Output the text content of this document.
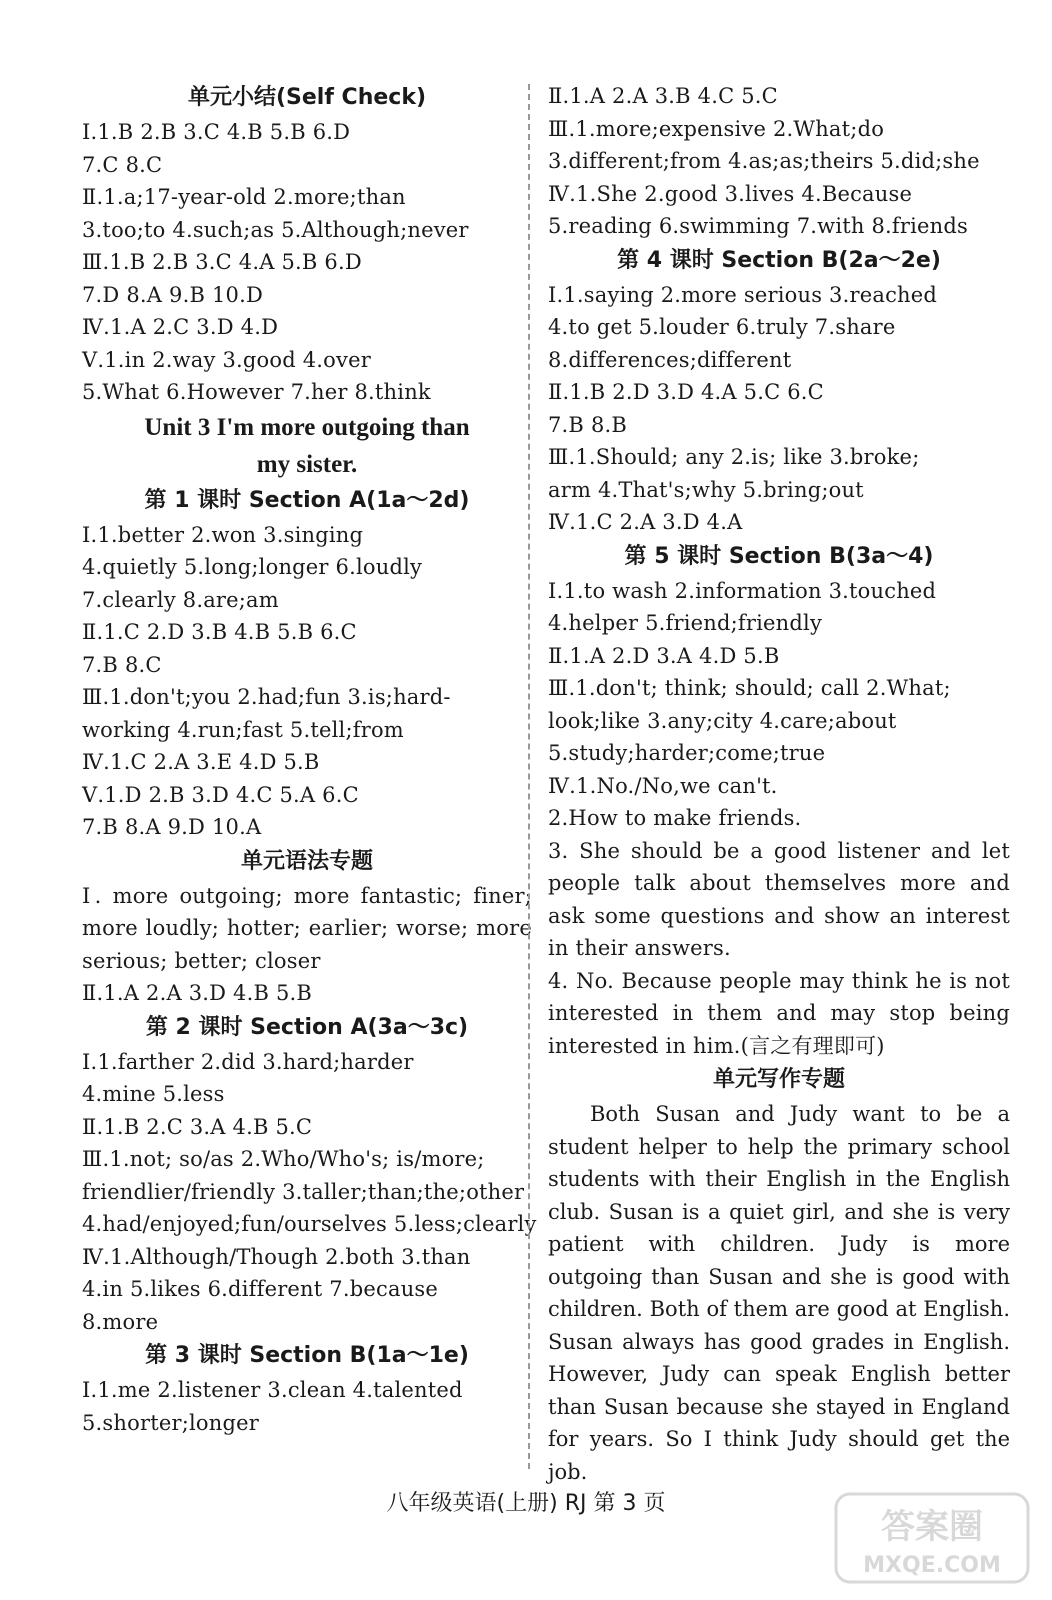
单元小结(Self Check)
Ⅰ.1.B 2.B 3.C 4.B 5.B 6.D
7.C 8.C
Ⅱ.1.a;17-year-old 2.more;than
3.too;to 4.such;as 5.Although;never
Ⅲ.1.B 2.B 3.C 4.A 5.B 6.D
7.D 8.A 9.B 10.D
Ⅳ.1.A 2.C 3.D 4.D
Ⅴ.1.in 2.way 3.good 4.over
5.What 6.However 7.her 8.think
Unit 3 I'm more outgoing than
my sister.
第 1 课时 Section A(1a～2d)
Ⅰ.1.better 2.won 3.singing
4.quietly 5.long;longer 6.loudly
7.clearly 8.are;am
Ⅱ.1.C 2.D 3.B 4.B 5.B 6.C
7.B 8.C
Ⅲ.1.don't;you 2.had;fun 3.is;hard-
working 4.run;fast 5.tell;from
Ⅳ.1.C 2.A 3.E 4.D 5.B
Ⅴ.1.D 2.B 3.D 4.C 5.A 6.C
7.B 8.A 9.D 10.A
单元语法专题
Ⅰ. more outgoing; more fantastic; finer; more loudly; hotter; earlier; worse; more serious; better; closer
Ⅱ.1.A 2.A 3.D 4.B 5.B
第 2 课时 Section A(3a～3c)
Ⅰ.1.farther 2.did 3.hard;harder
4.mine 5.less
Ⅱ.1.B 2.C 3.A 4.B 5.C
Ⅲ.1.not; so/as 2.Who/Who's; is/more;
friendlier/friendly 3.taller;than;the;other
4.had/enjoyed;fun/ourselves 5.less;clearly
Ⅳ.1.Although/Though 2.both 3.than
4.in 5.likes 6.different 7.because
8.more
第 3 课时 Section B(1a～1e)
Ⅰ.1.me 2.listener 3.clean 4.talented
5.shorter;longer
Ⅱ.1.A 2.A 3.B 4.C 5.C
Ⅲ.1.more;expensive 2.What;do
3.different;from 4.as;as;theirs 5.did;she
Ⅳ.1.She 2.good 3.lives 4.Because
5.reading 6.swimming 7.with 8.friends
第 4 课时 Section B(2a～2e)
Ⅰ.1.saying 2.more serious 3.reached
4.to get 5.louder 6.truly 7.share
8.differences;different
Ⅱ.1.B 2.D 3.D 4.A 5.C 6.C
7.B 8.B
Ⅲ.1.Should; any 2.is; like 3.broke;
arm 4.That's;why 5.bring;out
Ⅳ.1.C 2.A 3.D 4.A
第 5 课时 Section B(3a～4)
Ⅰ.1.to wash 2.information 3.touched
4.helper 5.friend;friendly
Ⅱ.1.A 2.D 3.A 4.D 5.B
Ⅲ.1.don't; think; should; call 2.What;
look;like 3.any;city 4.care;about
5.study;harder;come;true
Ⅳ.1.No./No,we can't.
2.How to make friends.
3. She should be a good listener and let people talk about themselves more and ask some questions and show an interest in their answers.
4. No. Because people may think he is not interested in them and may stop being interested in him.(言之有理即可)
单元写作专题
Both Susan and Judy want to be a student helper to help the primary school students with their English in the English club. Susan is a quiet girl, and she is very patient with children. Judy is more outgoing than Susan and she is good with children. Both of them are good at English. Susan always has good grades in English. However, Judy can speak English better than Susan because she stayed in England for years. So I think Judy should get the job.
八年级英语(上册) RJ 第 3 页
答案圈
MXQE.COM
